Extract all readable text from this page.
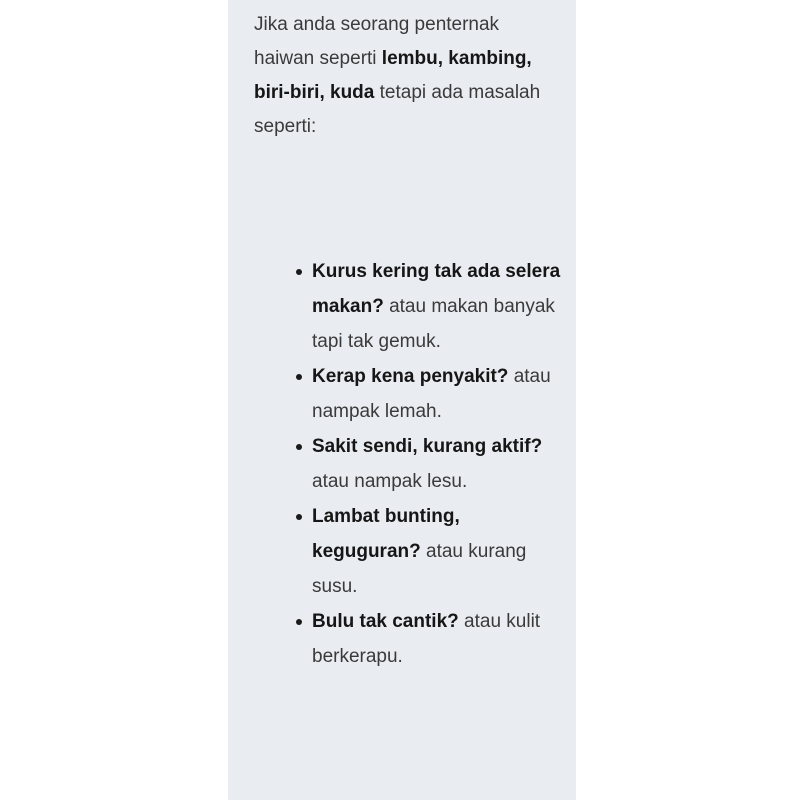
Jika anda seorang penternak haiwan seperti lembu, kambing, biri-biri, kuda tetapi ada masalah seperti:

Kurus kering tak ada selera makan? atau makan banyak tapi tak gemuk.
Kerap kena penyakit? atau nampak lemah.
Sakit sendi, kurang aktif? atau nampak lesu.
Lambat bunting, keguguran? atau kurang susu.
Bulu tak cantik? atau kulit berkerapu.
